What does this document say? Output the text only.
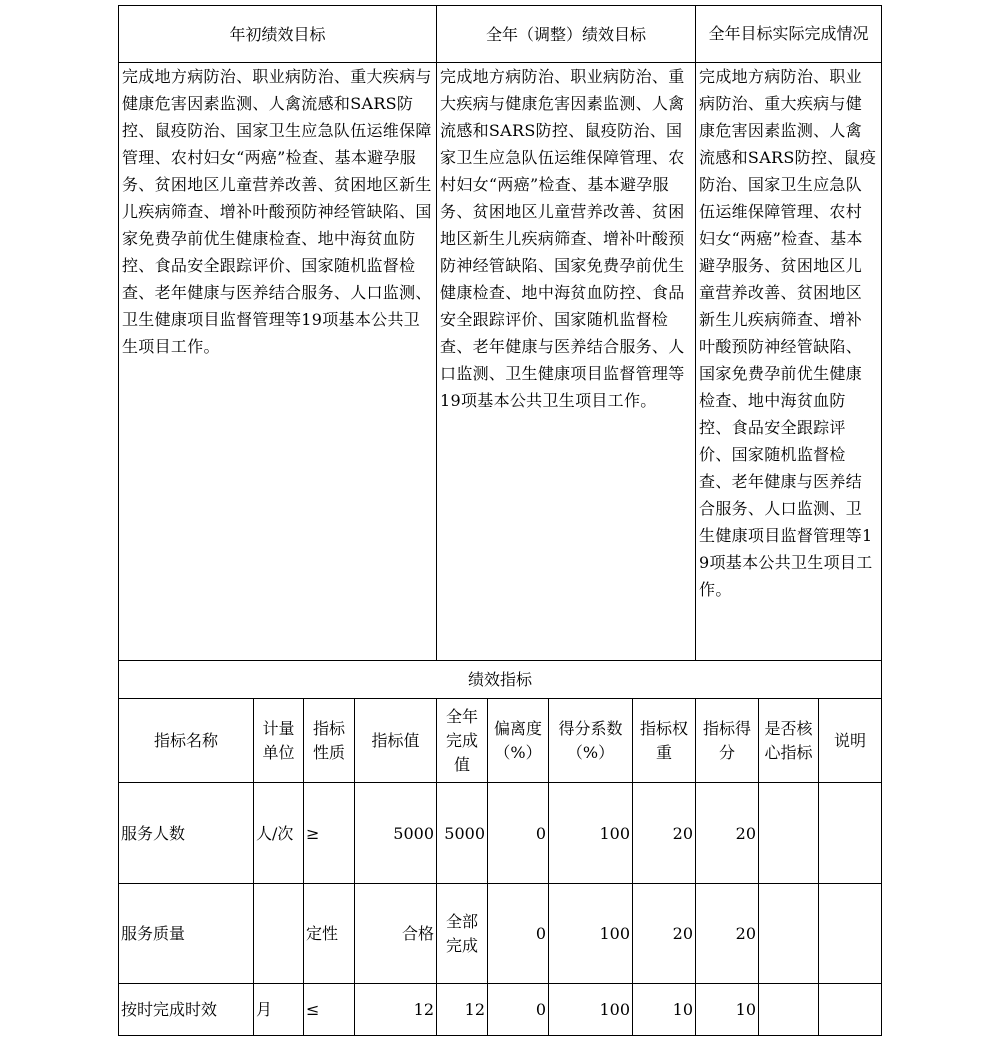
年初绩效目标				全年（调整）绩效目标				全年目标实际完成情况		
完成地方病防治、职业病防治、重大疾病与健康危害因素监测、人禽流感和SARS防控、鼠疫防治、国家卫生应急队伍运维保障管理、农村妇女“两癌”检查、基本避孕服务、贫困地区儿童营养改善、贫困地区新生儿疾病筛查、增补叶酸预防神经管缺陷、国家免费孕前优生健康检查、地中海贫血防控、食品安全跟踪评价、国家随机监督检查、老年健康与医养结合服务、人口监测、卫生健康项目监督管理等19项基本公共卫生项目工作。				完成地方病防治、职业病防治、重大疾病与健康危害因素监测、人禽流感和SARS防控、鼠疫防治、国家卫生应急队伍运维保障管理、农村妇女“两癌”检查、基本避孕服务、贫困地区儿童营养改善、贫困地区新生儿疾病筛查、增补叶酸预防神经管缺陷、国家免费孕前优生健康检查、地中海贫血防控、食品安全跟踪评价、国家随机监督检查、老年健康与医养结合服务、人口监测、卫生健康项目监督管理等19项基本公共卫生项目工作。				完成地方病防治、职业病防治、重大疾病与健康危害因素监测、人禽流感和SARS防控、鼠疫防治、国家卫生应急队伍运维保障管理、农村妇女“两癌”检查、基本避孕服务、贫困地区儿童营养改善、贫困地区新生儿疾病筛查、增补叶酸预防神经管缺陷、国家免费孕前优生健康检查、地中海贫血防控、食品安全跟踪评价、国家随机监督检查、老年健康与医养结合服务、人口监测、卫生健康项目监督管理等19项基本公共卫生项目工作。		
绩效指标										
指标名称	计量单位	指标性质	指标值	全年完成值	偏离度（%）	得分系数（%）	指标权重	指标得分	是否核心指标	说明
服务人数	人/次	≥	5000	5000	0	100	20	20		
服务质量		定性	合格	全部完成	0	100	20	20		
按时完成时效	月	≤	12	12	0	100	10	10		
